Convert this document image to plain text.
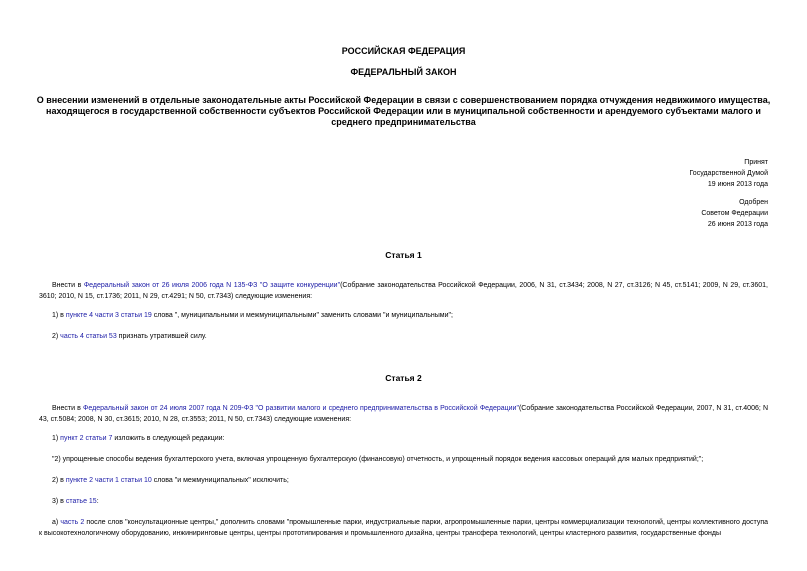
РОССИЙСКАЯ ФЕДЕРАЦИЯ
ФЕДЕРАЛЬНЫЙ ЗАКОН
О внесении изменений в отдельные законодательные акты Российской Федерации в связи с совершенствованием порядка отчуждения недвижимого имущества, находящегося в государственной собственности субъектов Российской Федерации или в муниципальной собственности и арендуемого субъектами малого и среднего предпринимательства
Принят
Государственной Думой
19 июня 2013 года
Одобрен
Советом Федерации
26 июня 2013 года
Статья 1
Внести в Федеральный закон от 26 июля 2006 года N 135-ФЗ "О защите конкуренции"(Собрание законодательства Российской Федерации, 2006, N 31, ст.3434; 2008, N 27, ст.3126; N 45, ст.5141; 2009, N 29, ст.3601, 3610; 2010, N 15, ст.1736; 2011, N 29, ст.4291; N 50, ст.7343) следующие изменения:
1) в пункте 4 части 3 статьи 19 слова ", муниципальными и межмуниципальными" заменить словами "и муниципальными";
2) часть 4 статьи 53 признать утратившей силу.
Статья 2
Внести в Федеральный закон от 24 июля 2007 года N 209-ФЗ "О развитии малого и среднего предпринимательства в Российской Федерации"(Собрание законодательства Российской Федерации, 2007, N 31, ст.4006; N 43, ст.5084; 2008, N 30, ст.3615; 2010, N 28, ст.3553; 2011, N 50, ст.7343) следующие изменения:
1) пункт 2 статьи 7 изложить в следующей редакции:
"2) упрощенные способы ведения бухгалтерского учета, включая упрощенную бухгалтерскую (финансовую) отчетность, и упрощенный порядок ведения кассовых операций для малых предприятий;";
2) в пункте 2 части 1 статьи 10 слова "и межмуниципальных" исключить;
3) в статье 15:
а) часть 2 после слов "консультационные центры," дополнить словами "промышленные парки, индустриальные парки, агропромышленные парки, центры коммерциализации технологий, центры коллективного доступа к высокотехнологичному оборудованию, инжиниринговые центры, центры прототипирования и промышленного дизайна, центры трансфера технологий, центры кластерного развития, государственные фонды
